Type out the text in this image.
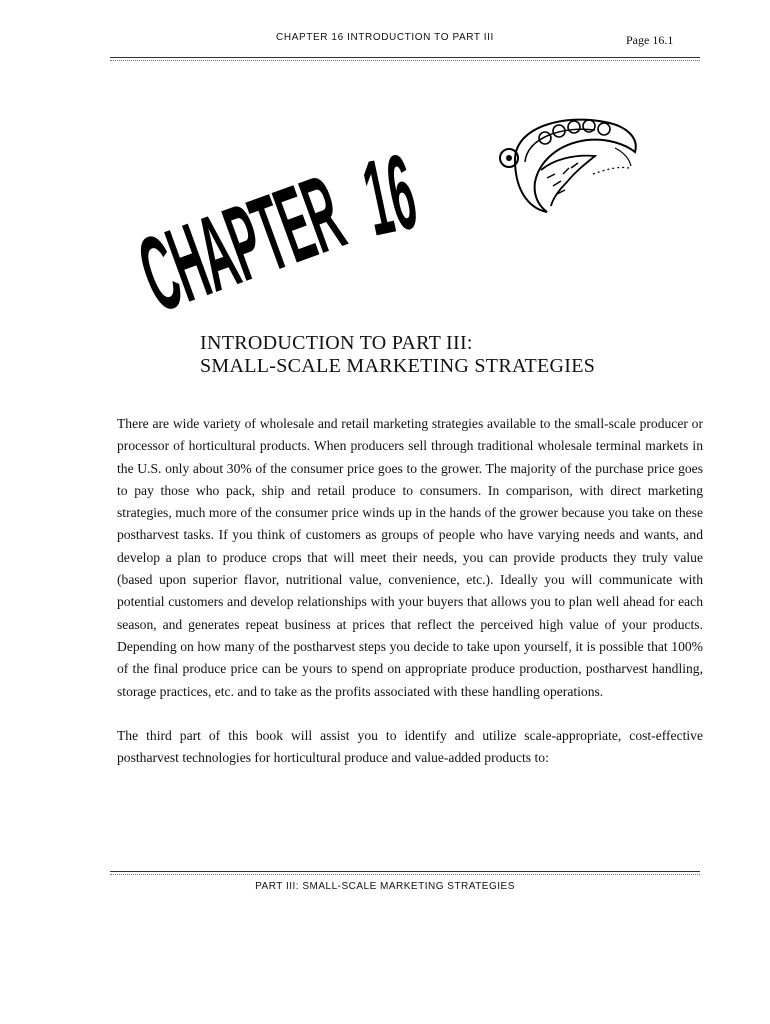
CHAPTER 16 INTRODUCTION TO PART III	Page 16.1
CHAPTER
16
INTRODUCTION TO PART III:
SMALL-SCALE MARKETING STRATEGIES

There are wide variety of wholesale and retail marketing strategies available to the small-scale producer or processor of horticultural products. When producers sell through traditional wholesale terminal markets in the U.S. only about 30% of the consumer price goes to the grower. The majority of the purchase price goes to pay those who pack, ship and retail produce to consumers. In comparison, with direct marketing strategies, much more of the consumer price winds up in the hands of the grower because you take on these postharvest tasks. If you think of customers as groups of people who have varying needs and wants, and develop a plan to produce crops that will meet their needs, you can provide products they truly value (based upon superior flavor, nutritional value, convenience, etc.). Ideally you will communicate with potential customers and develop relationships with your buyers that allows you to plan well ahead for each season, and generates repeat business at prices that reflect the perceived high value of your products. Depending on how many of the postharvest steps you decide to take upon yourself, it is possible that 100% of the final produce price can be yours to spend on appropriate produce production, postharvest handling, storage practices, etc. and to take as the profits associated with these handling operations.

The third part of this book will assist you to identify and utilize scale-appropriate, cost-effective postharvest technologies for horticultural produce and value-added products to:

PART III: SMALL-SCALE MARKETING STRATEGIES
